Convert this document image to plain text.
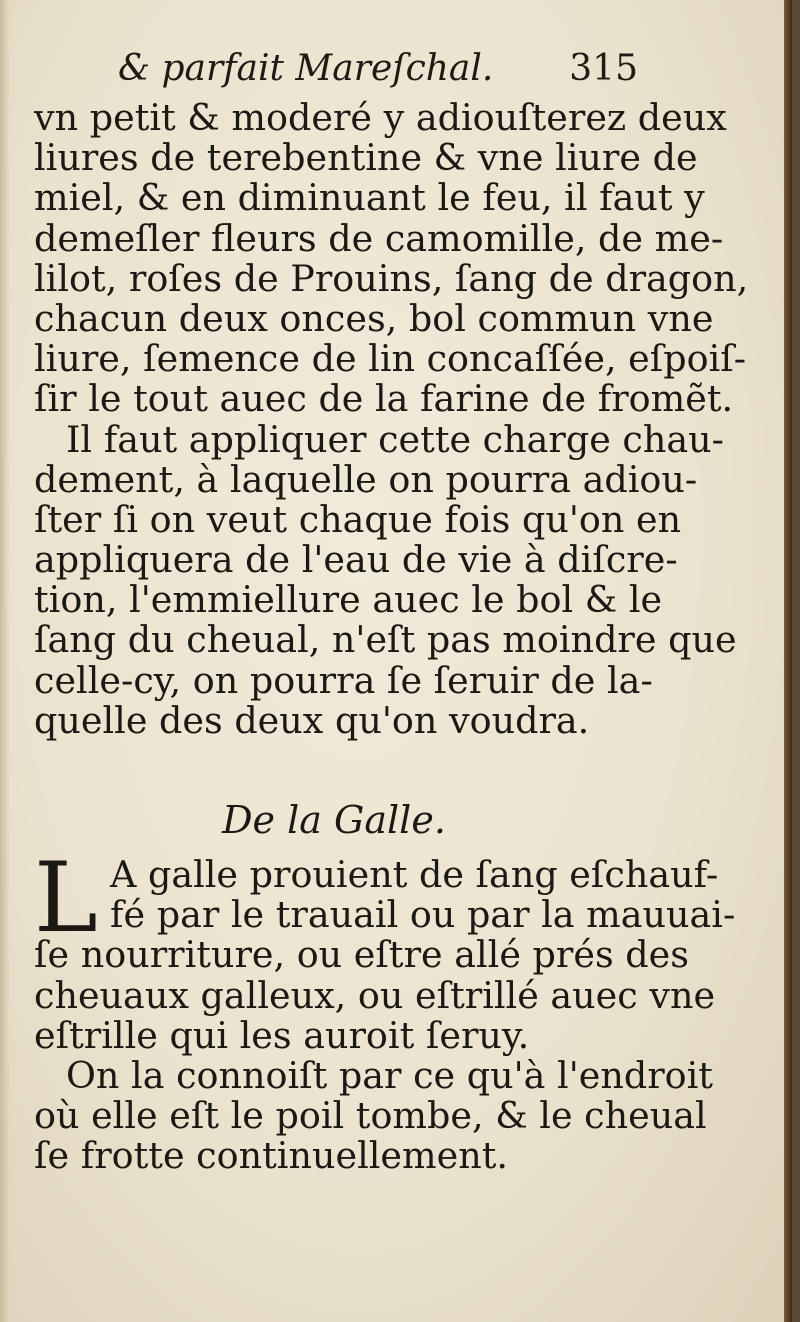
& parfait Mareſchal. 315
vn petit & moderé y adiouſterez deux
liures de terebentine & vne liure de
miel, & en diminuant le feu, il faut y
demeſler fleurs de camomille, de me-
lilot, roſes de Prouins, ſang de dragon,
chacun deux onces, bol commun vne
liure, ſemence de lin concaſſée, eſpoiſ-
ſir le tout auec de la farine de fromẽt.
Il faut appliquer cette charge chau-
dement, à laquelle on pourra adiou-
ſter ſi on veut chaque fois qu'on en
appliquera de l'eau de vie à diſcre-
tion, l'emmiellure auec le bol & le
ſang du cheual, n'eſt pas moindre que
celle-cy, on pourra ſe ſeruir de la-
quelle des deux qu'on voudra.
De la Galle.
L A galle prouient de ſang eſchauf-
fé par le trauail ou par la mauuai-
ſe nourriture, ou eſtre allé prés des
cheuaux galleux, ou eſtrillé auec vne
eſtrille qui les auroit ſeruy.
On la connoiſt par ce qu'à l'endroit
où elle eſt le poil tombe, & le cheual
ſe frotte continuellement.
